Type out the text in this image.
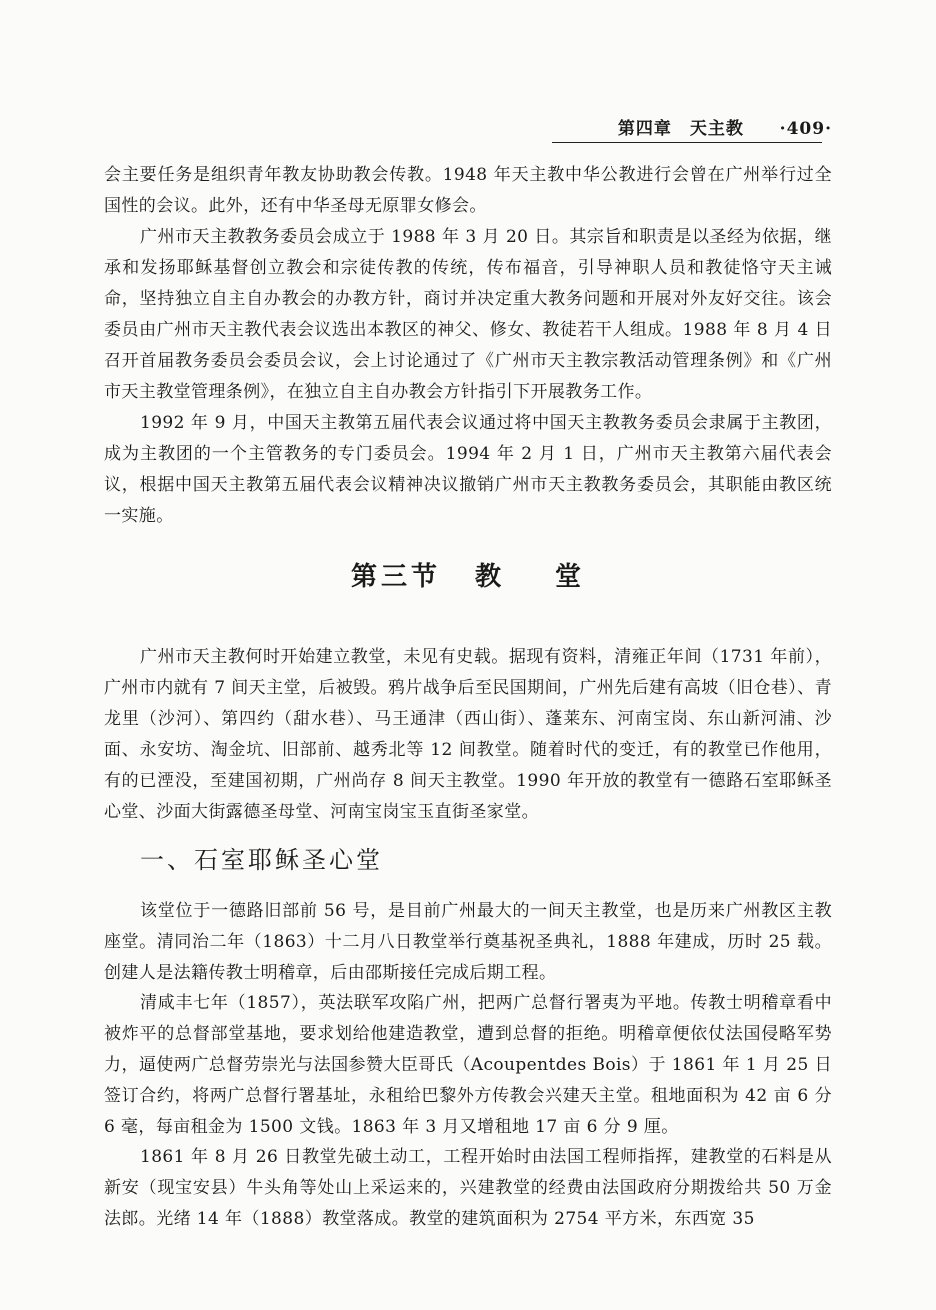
第四章　天主教 ·409·

会主要任务是组织青年教友协助教会传教。1948 年天主教中华公教进行会曾在广州举行过全国性的会议。此外，还有中华圣母无原罪女修会。

广州市天主教教务委员会成立于 1988 年 3 月 20 日。其宗旨和职责是以圣经为依据，继承和发扬耶稣基督创立教会和宗徒传教的传统，传布福音，引导神职人员和教徒恪守天主诫命，坚持独立自主自办教会的办教方针，商讨并决定重大教务问题和开展对外友好交往。该会委员由广州市天主教代表会议选出本教区的神父、修女、教徒若干人组成。1988 年 8 月 4 日召开首届教务委员会委员会议，会上讨论通过了《广州市天主教宗教活动管理条例》和《广州市天主教堂管理条例》，在独立自主自办教会方针指引下开展教务工作。

1992 年 9 月，中国天主教第五届代表会议通过将中国天主教教务委员会隶属于主教团，成为主教团的一个主管教务的专门委员会。1994 年 2 月 1 日，广州市天主教第六届代表会议，根据中国天主教第五届代表会议精神决议撤销广州市天主教教务委员会，其职能由教区统一实施。

第三节 教 堂

广州市天主教何时开始建立教堂，未见有史载。据现有资料，清雍正年间（1731 年前），广州市内就有 7 间天主堂，后被毁。鸦片战争后至民国期间，广州先后建有高坡（旧仓巷）、青龙里（沙河）、第四约（甜水巷）、马王通津（西山街）、蓬莱东、河南宝岗、东山新河浦、沙面、永安坊、淘金坑、旧部前、越秀北等 12 间教堂。随着时代的变迁，有的教堂已作他用，有的已湮没，至建国初期，广州尚存 8 间天主教堂。1990 年开放的教堂有一德路石室耶稣圣心堂、沙面大街露德圣母堂、河南宝岗宝玉直街圣家堂。

一、石室耶稣圣心堂

该堂位于一德路旧部前 56 号，是目前广州最大的一间天主教堂，也是历来广州教区主教座堂。清同治二年（1863）十二月八日教堂举行奠基祝圣典礼，1888 年建成，历时 25 载。创建人是法籍传教士明稽章，后由邵斯接任完成后期工程。

清咸丰七年（1857），英法联军攻陷广州，把两广总督行署夷为平地。传教士明稽章看中被炸平的总督部堂基地，要求划给他建造教堂，遭到总督的拒绝。明稽章便依仗法国侵略军势力，逼使两广总督劳崇光与法国参赞大臣哥氏（Acoupentdes Bois）于 1861 年 1 月 25 日签订合约，将两广总督行署基址，永租给巴黎外方传教会兴建天主堂。租地面积为 42 亩 6 分 6 毫，每亩租金为 1500 文钱。1863 年 3 月又增租地 17 亩 6 分 9 厘。

1861 年 8 月 26 日教堂先破土动工，工程开始时由法国工程师指挥，建教堂的石料是从新安（现宝安县）牛头角等处山上采运来的，兴建教堂的经费由法国政府分期拨给共 50 万金法郎。光绪 14 年（1888）教堂落成。教堂的建筑面积为 2754 平方米，东西宽 35
